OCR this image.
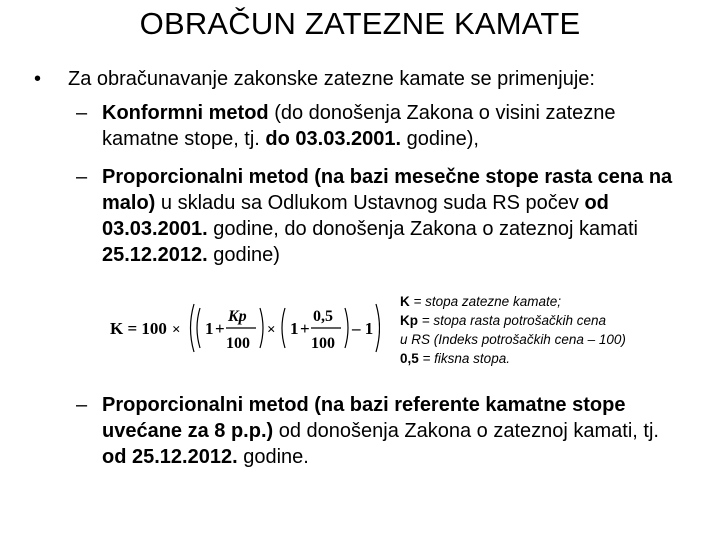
OBRAČUN ZATEZNE KAMATE
• Za obračunavanje zakonske zatezne kamate se primenjuje:
– Konformni metod (do donošenja Zakona o visini zatezne kamatne stope, tj. do 03.03.2001. godine),
– Proporcionalni metod (na bazi mesečne stope rasta cena na malo) u skladu sa Odlukom Ustavnog suda RS počev od 03.03.2001. godine, do donošenja Zakona o zateznoj kamati 25.12.2012. godine)
K = 100 × 1 +
Kp
100
× 1 +
0,5
100
– 1
K = stopa zatezne kamate;
Kp = stopa rasta potrošačkih cena
u RS (Indeks potrošačkih cena – 100)
0,5 = fiksna stopa.
– Proporcionalni metod (na bazi referente kamatne stope uvećane za 8 p.p.) od donošenja Zakona o zateznoj kamati, tj. od 25.12.2012. godine.
